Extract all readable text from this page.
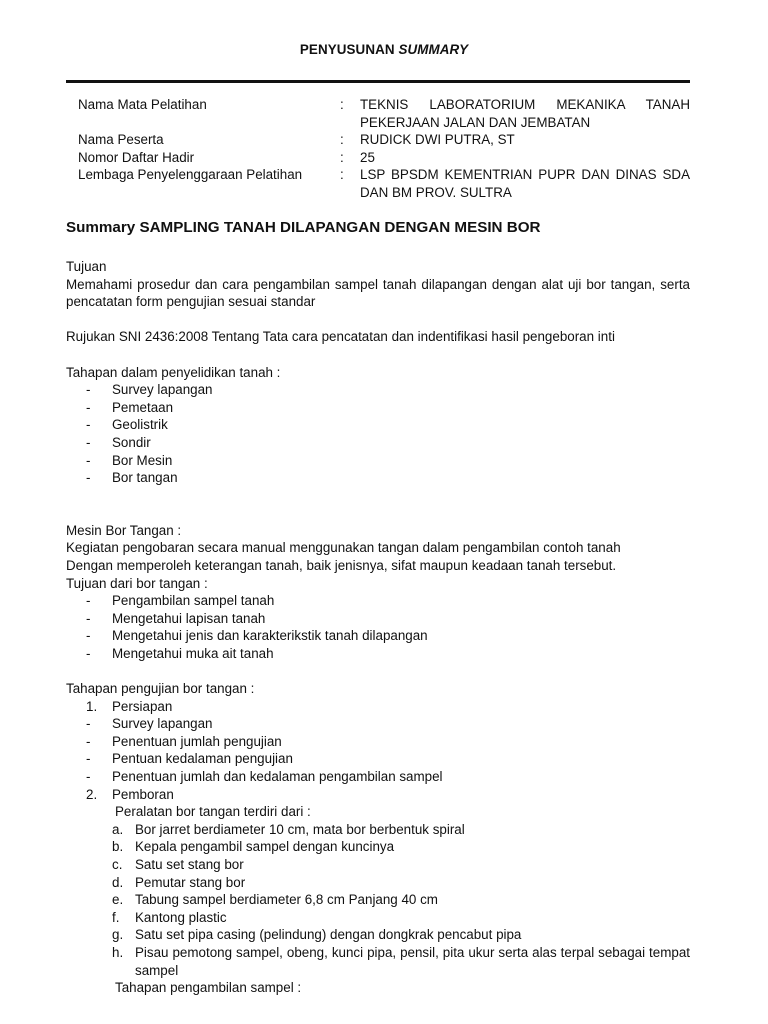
PENYUSUNAN SUMMARY
Nama Mata Pelatihan	: TEKNIS LABORATORIUM MEKANIKA TANAH PEKERJAAN JALAN DAN JEMBATAN
Nama Peserta	: RUDICK DWI PUTRA, ST
Nomor Daftar Hadir	: 25
Lembaga Penyelenggaraan Pelatihan	: LSP BPSDM KEMENTRIAN PUPR DAN DINAS SDA DAN BM PROV. SULTRA
Summary SAMPLING TANAH DILAPANGAN DENGAN MESIN BOR

Tujuan

Memahami prosedur dan cara pengambilan sampel tanah dilapangan dengan alat uji bor tangan, serta pencatatan form pengujian sesuai standar

Rujukan SNI 2436:2008 Tentang Tata cara pencatatan dan indentifikasi hasil pengeboran inti

Tahapan dalam penyelidikan tanah :

- Survey lapangan
- Pemetaan
- Geolistrik
- Sondir
- Bor Mesin
- Bor tangan

Mesin Bor Tangan :

Kegiatan pengobaran secara manual menggunakan tangan dalam pengambilan contoh tanah

Dengan memperoleh keterangan tanah, baik jenisnya, sifat maupun keadaan tanah tersebut.

Tujuan dari bor tangan :

- Pengambilan sampel tanah
- Mengetahui lapisan tanah
- Mengetahui jenis dan karakterikstik tanah dilapangan
- Mengetahui muka ait tanah

Tahapan pengujian bor tangan :

1. Persiapan
- Survey lapangan
- Penentuan jumlah pengujian
- Pentuan kedalaman pengujian
- Penentuan jumlah dan kedalaman pengambilan sampel
2. Pemboran
Peralatan bor tangan terdiri dari :
a. Bor jarret berdiameter 10 cm, mata bor berbentuk spiral
b. Kepala pengambil sampel dengan kuncinya
c. Satu set stang bor
d. Pemutar stang bor
e. Tabung sampel berdiameter 6,8 cm Panjang 40 cm
f. Kantong plastic
g. Satu set pipa casing (pelindung) dengan dongkrak pencabut pipa
h. Pisau pemotong sampel, obeng, kunci pipa, pensil, pita ukur serta alas terpal sebagai tempat sampel
Tahapan pengambilan sampel :
